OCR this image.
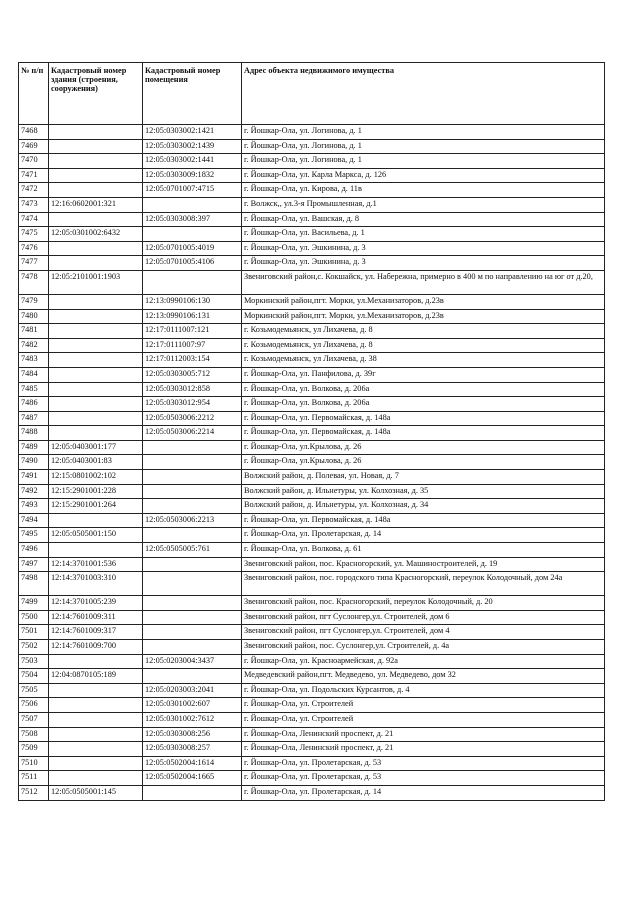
№ п/п	Кадастровый номер здания (строения, сооружения)	Кадастровый номер помещения	Адрес объекта недвижимого имущества
7468		12:05:0303002:1421	г. Йошкар-Ола, ул. Логинова, д. 1
7469		12:05:0303002:1439	г. Йошкар-Ола, ул. Логинова, д. 1
7470		12:05:0303002:1441	г. Йошкар-Ола, ул. Логинова, д. 1
7471		12:05:0303009:1832	г. Йошкар-Ола, ул. Карла Маркса, д. 126
7472		12:05:0701007:4715	г. Йошкар-Ола, ул. Кирова, д. 11в
7473	12:16:0602001:321		г. Волжск,, ул.3-я Промышленная, д.1
7474		12:05:0303008:397	г. Йошкар-Ола, ул. Вашская, д. 8
7475	12:05:0301002:6432		г. Йошкар-Ола, ул. Васильева, д. 1
7476		12:05:0701005:4019	г. Йошкар-Ола, ул. Эшкинина, д. 3
7477		12:05:0701005:4106	г. Йошкар-Ола, ул. Эшкинина, д. 3
7478	12:05:2101001:1903		Звениговский район,с. Кокшайск, ул. Набережна, примерно в 400 м по направлению на юг от д.20,
7479		12:13:0990106:130	Моркинский район,пгт. Морки, ул.Механизаторов, д.23в
7480		12:13:0990106:131	Моркинский район,пгт. Морки, ул.Механизаторов, д.23в
7481		12:17:0111007:121	г. Козьмодемьянск, ул Лихачева, д. 8
7482		12:17:0111007:97	г. Козьмодемьянск, ул Лихачева, д. 8
7483		12:17:0112003:154	г. Козьмодемьянск, ул Лихачева, д. 38
7484		12:05:0303005:712	г. Йошкар-Ола, ул. Панфилова, д. 39г
7485		12:05:0303012:858	г. Йошкар-Ола, ул. Волкова, д. 206а
7486		12:05:0303012:954	г. Йошкар-Ола, ул. Волкова, д. 206а
7487		12:05:0503006:2212	г. Йошкар-Ола, ул. Первомайская, д. 148а
7488		12:05:0503006:2214	г. Йошкар-Ола, ул. Первомайская, д. 148а
7489	12:05:0403001:177		г. Йошкар-Ола, ул.Крылова, д. 26
7490	12:05:0403001:83		г. Йошкар-Ола, ул.Крылова, д. 26
7491	12:15:0801002:102		Волжский район, д. Полевая, ул. Новая, д. 7
7492	12:15:2901001:228		Волжский район, д. Ильнетуры, ул. Колхозная, д. 35
7493	12:15:2901001:264		Волжский район, д. Ильнетуры, ул. Колхозная, д. 34
7494		12:05:0503006:2213	г. Йошкар-Ола, ул. Первомайская, д. 148а
7495	12:05:0505001:150		г. Йошкар-Ола, ул. Пролетарская, д. 14
7496		12:05:0505005:761	г. Йошкар-Ола, ул. Волкова, д. 61
7497	12:14:3701001:536		Звениговский район, пос. Красногорский, ул. Машиностроителей, д. 19
7498	12:14:3701003:310		Звениговский район, пос. городского типа Красногорский, переулок Колодочный, дом 24а
7499	12:14:3701005:239		Звениговский район, пос. Красногорский, переулок Колодочный, д. 20
7500	12:14:7601009:311		Звениговский район, пгт Суслонгер,ул. Строителей, дом 6
7501	12:14:7601009:317		Звениговский район, пгт Суслонгер,ул. Строителей, дом 4
7502	12:14:7601009:700		Звениговский район, пос. Суслонгер,ул. Строителей, д. 4а
7503		12:05:0203004:3437	г. Йошкар-Ола, ул. Красноармейская, д. 92а
7504	12:04:0870105:189		Медведевский район,пгт. Медведево, ул. Медведево, дом 32
7505		12:05:0203003:2041	г. Йошкар-Ола, ул. Подольских Курсантов, д. 4
7506		12:05:0301002:607	г. Йошкар-Ола, ул. Строителей
7507		12:05:0301002:7612	г. Йошкар-Ола, ул. Строителей
7508		12:05:0303008:256	г. Йошкар-Ола, Ленинский проспект, д. 21
7509		12:05:0303008:257	г. Йошкар-Ола, Ленинский проспект, д. 21
7510		12:05:0502004:1614	г. Йошкар-Ола, ул. Пролетарская, д. 53
7511		12:05:0502004:1665	г. Йошкар-Ола, ул. Пролетарская, д. 53
7512	12:05:0505001:145		г. Йошкар-Ола, ул. Пролетарская, д. 14
